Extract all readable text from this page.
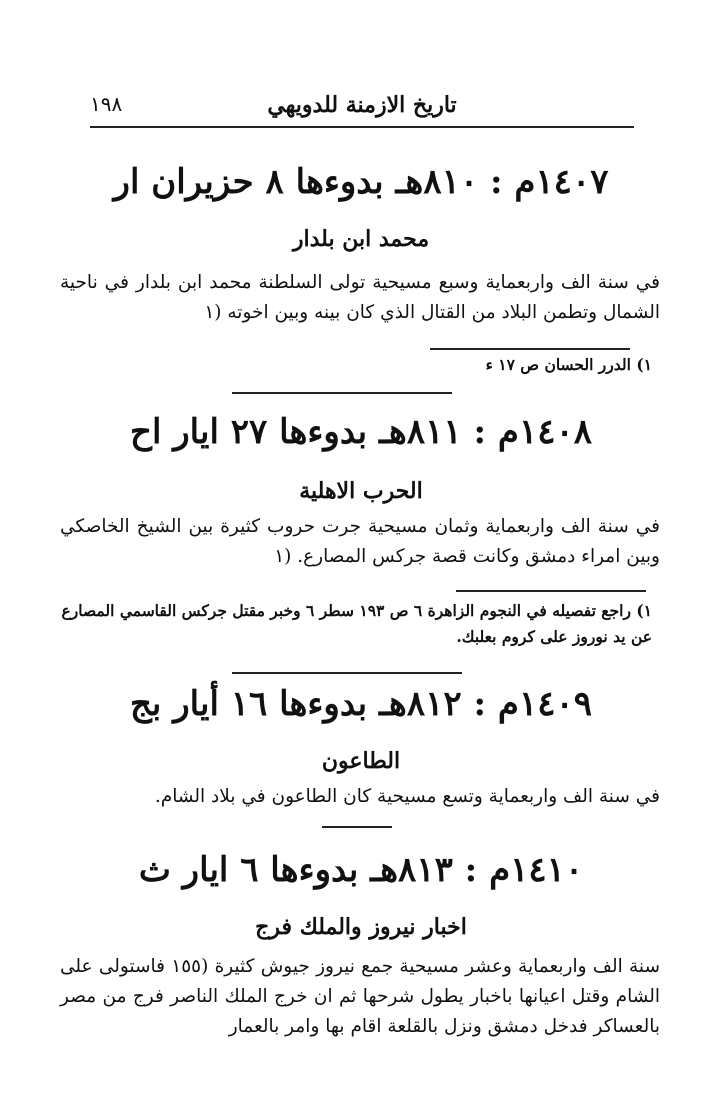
تاريخ الازمنة للدويهي
١٩٨
١٤٠٧م : ٨١٠هـ بدوءها ٨ حزيران ار
محمد ابن بلدار
في سنة الف واربعماية وسبع مسيحية تولى السلطنة محمد ابن بلدار في ناحية الشمال وتطمن البلاد من القتال الذي كان بينه وبين اخوته (١
١) الدرر الحسان ص ١٧ ء
١٤٠٨م : ٨١١هـ بدوءها ٢٧ ايار اح
الحرب الاهلية
في سنة الف واربعماية وثمان مسيحية جرت حروب كثيرة بين الشيخ الخاصكي وبين امراء دمشق وكانت قصة جركس المصارع. (١
١) راجع تفصيله في النجوم الزاهرة ٦ ص ١٩٣ سطر ٦ وخبر مقتل جركس القاسمي المصارع عن يد نوروز على كروم بعلبك.
١٤٠٩م : ٨١٢هـ بدوءها ١٦ أيار بج
الطاعون
في سنة الف واربعماية وتسع مسيحية كان الطاعون في بلاد الشام.
١٤١٠م : ٨١٣هـ بدوءها ٦ ايار ث
اخبار نيروز والملك فرج
سنة الف واربعماية وعشر مسيحية جمع نيروز جيوش كثيرة (١٥٥ فاستولى على الشام وقتل اعيانها باخبار يطول شرحها ثم ان خرج الملك الناصر فرج من مصر بالعساكر فدخل دمشق ونزل بالقلعة اقام بها وامر بالعمار
